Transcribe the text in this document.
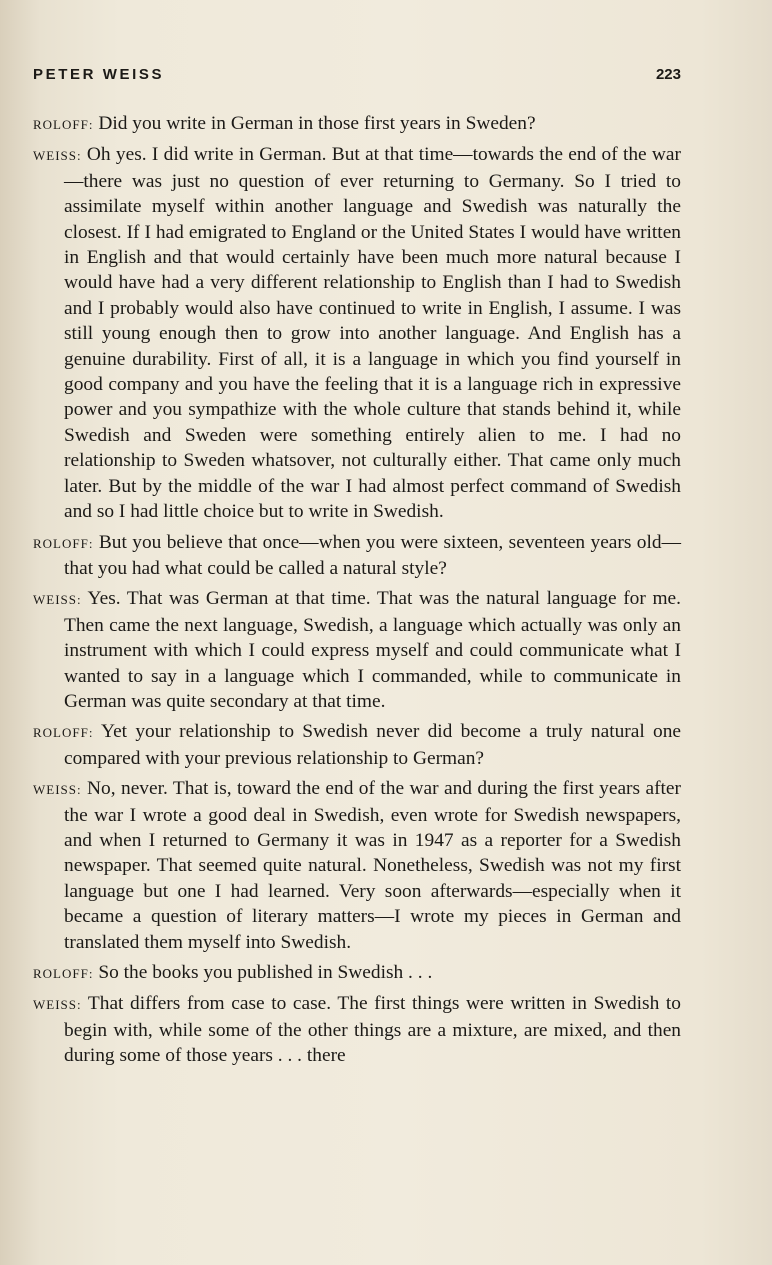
PETER WEISS	223

ROLOFF: Did you write in German in those first years in Sweden?

WEISS: Oh yes. I did write in German. But at that time—towards the end of the war—there was just no question of ever returning to Germany. So I tried to assimilate myself within another language and Swedish was naturally the closest. If I had emigrated to England or the United States I would have written in English and that would certainly have been much more natural because I would have had a very different relationship to English than I had to Swedish and I probably would also have continued to write in English, I assume. I was still young enough then to grow into another language. And English has a genuine durability. First of all, it is a language in which you find yourself in good company and you have the feeling that it is a language rich in expressive power and you sympathize with the whole culture that stands behind it, while Swedish and Sweden were something entirely alien to me. I had no relationship to Sweden whatsover, not culturally either. That came only much later. But by the middle of the war I had almost perfect command of Swedish and so I had little choice but to write in Swedish.

ROLOFF: But you believe that once—when you were sixteen, seventeen years old—that you had what could be called a natural style?

WEISS: Yes. That was German at that time. That was the natural language for me. Then came the next language, Swedish, a language which actually was only an instrument with which I could express myself and could communicate what I wanted to say in a language which I commanded, while to communicate in German was quite secondary at that time.

ROLOFF: Yet your relationship to Swedish never did become a truly natural one compared with your previous relationship to German?

WEISS: No, never. That is, toward the end of the war and during the first years after the war I wrote a good deal in Swedish, even wrote for Swedish newspapers, and when I returned to Germany it was in 1947 as a reporter for a Swedish newspaper. That seemed quite natural. Nonetheless, Swedish was not my first language but one I had learned. Very soon afterwards—especially when it became a question of literary matters—I wrote my pieces in German and translated them myself into Swedish.

ROLOFF: So the books you published in Swedish . . .

WEISS: That differs from case to case. The first things were written in Swedish to begin with, while some of the other things are a mixture, are mixed, and then during some of those years . . . there
